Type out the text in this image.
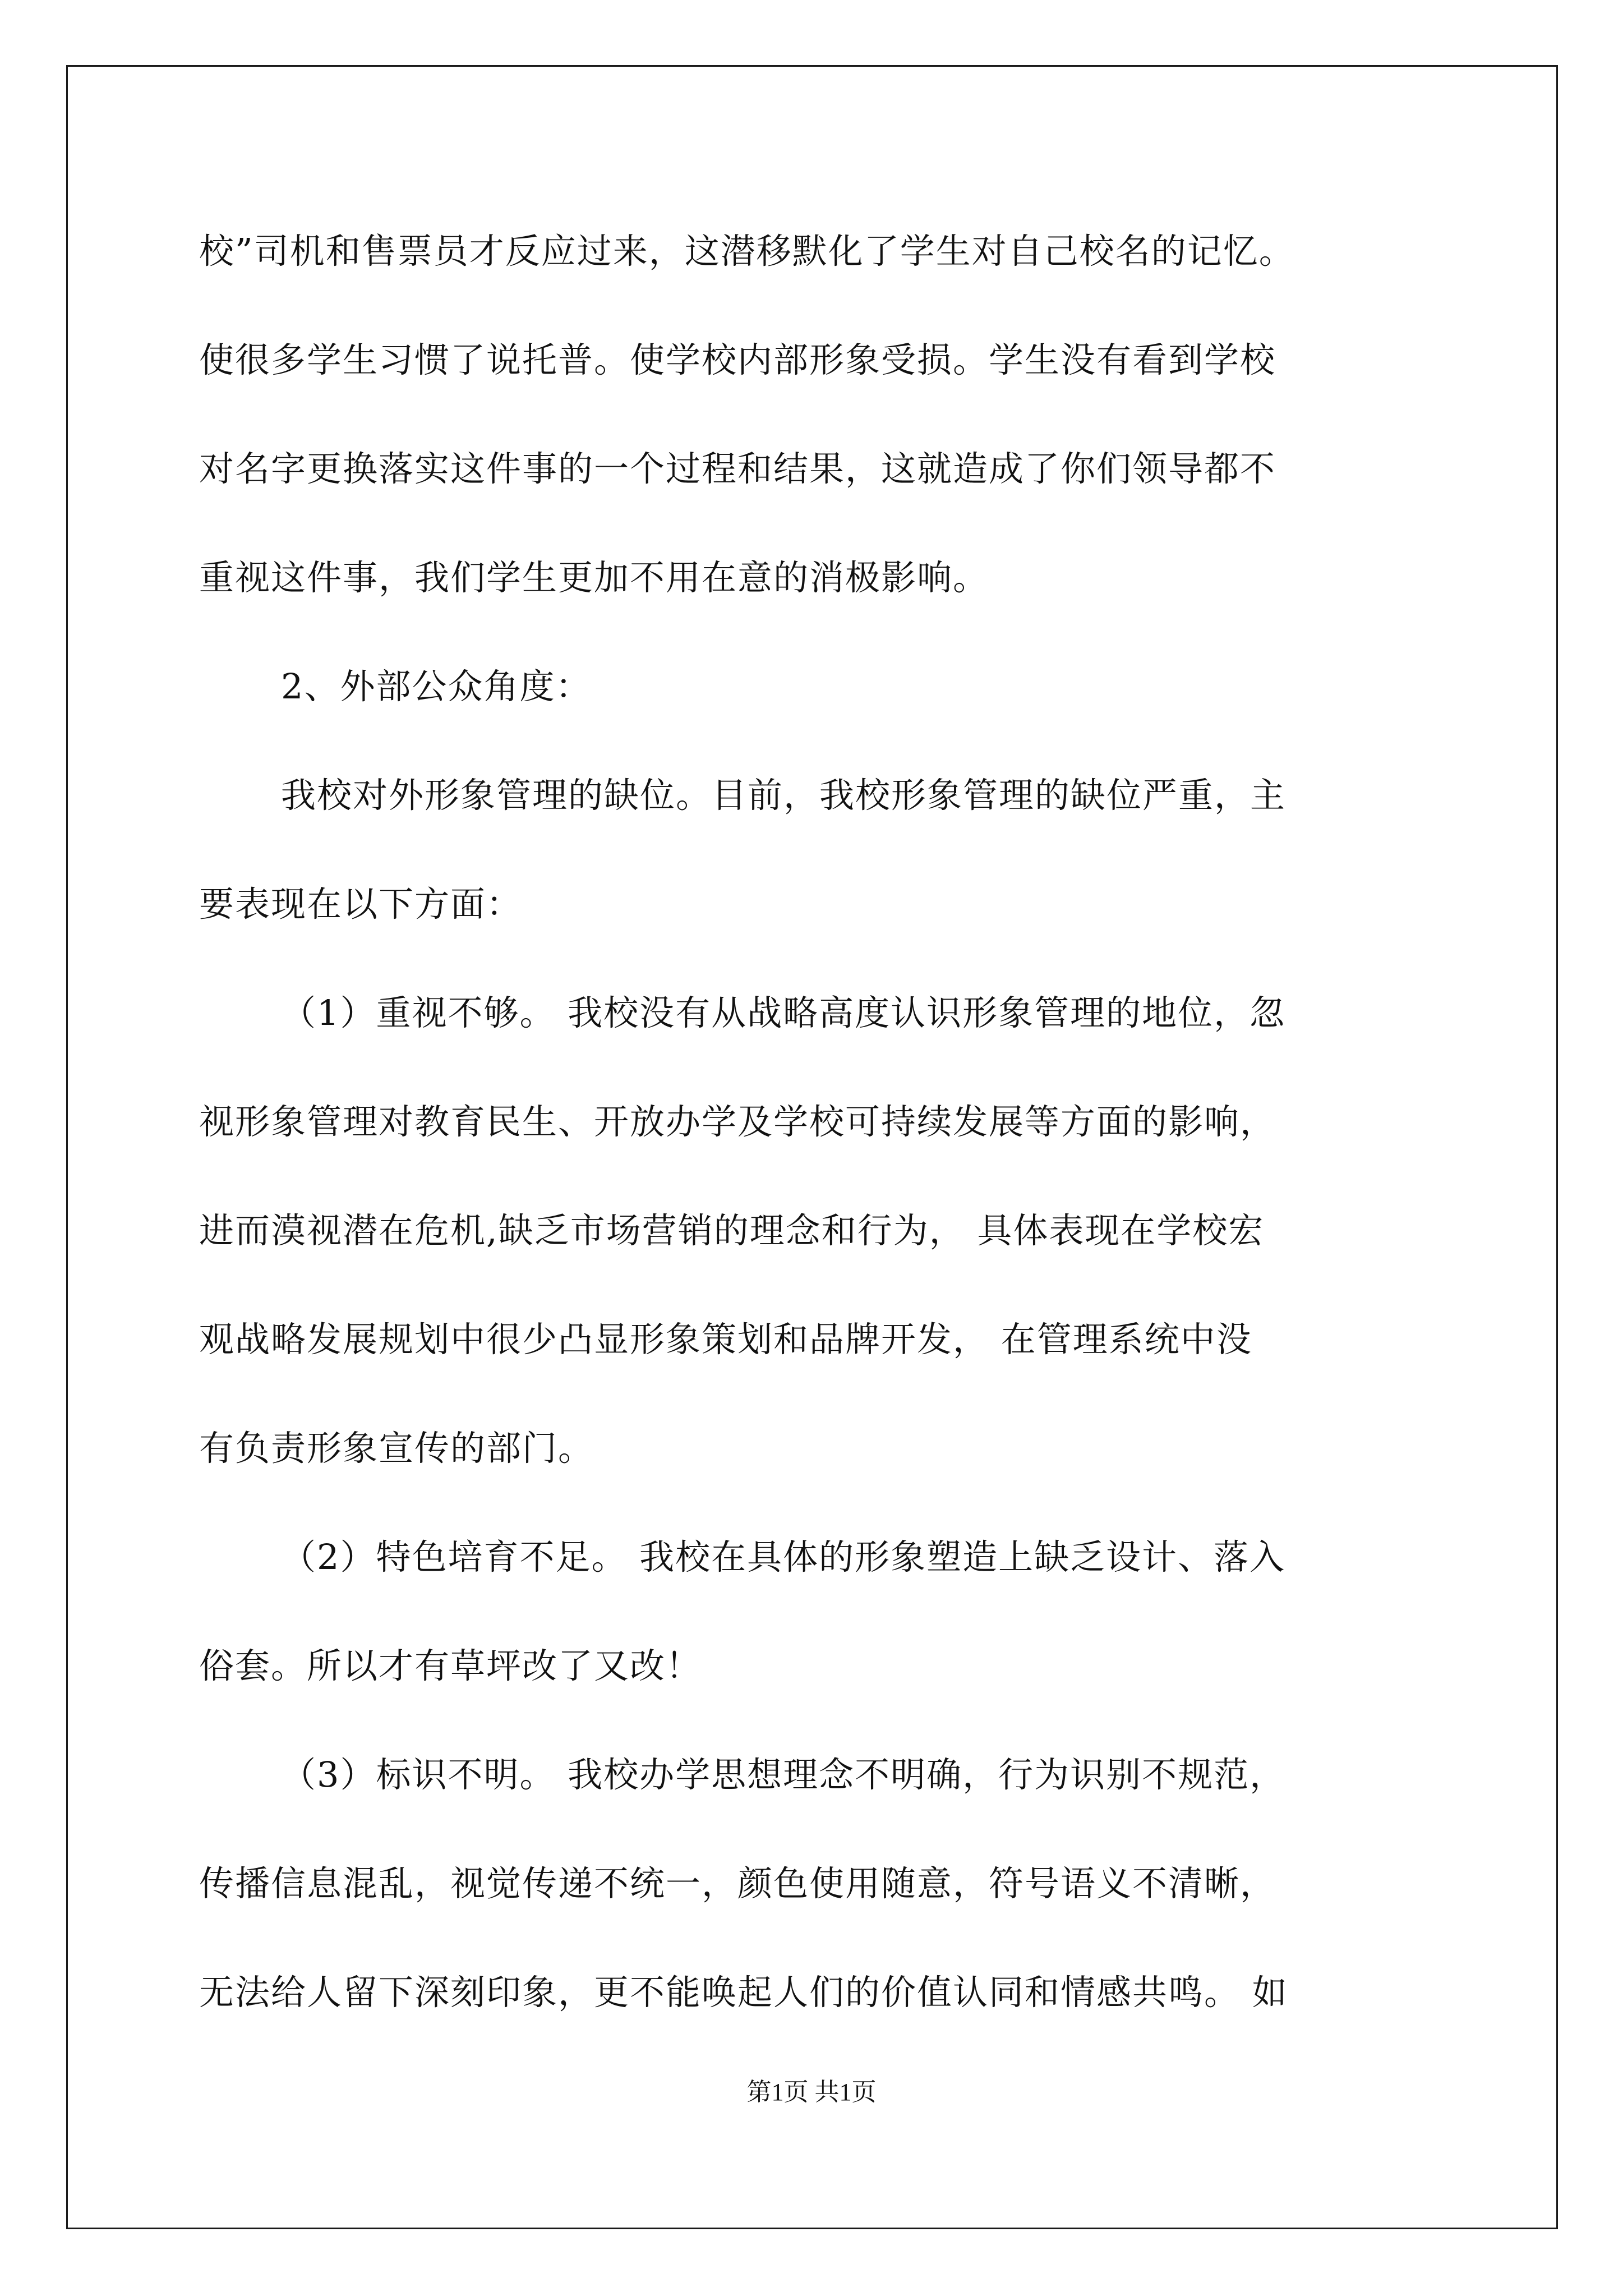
校”司机和售票员才反应过来，这潜移默化了学生对自己校名的记忆。
使很多学生习惯了说托普。使学校内部形象受损。学生没有看到学校
对名字更换落实这件事的一个过程和结果，这就造成了你们领导都不
重视这件事，我们学生更加不用在意的消极影响。
2、外部公众角度：
我校对外形象管理的缺位。目前，我校形象管理的缺位严重，主
要表现在以下方面：
（1）重视不够。 我校没有从战略高度认识形象管理的地位，忽
视形象管理对教育民生、开放办学及学校可持续发展等方面的影响，
进而漠视潜在危机,缺乏市场营销的理念和行为， 具体表现在学校宏
观战略发展规划中很少凸显形象策划和品牌开发， 在管理系统中没
有负责形象宣传的部门。
（2）特色培育不足。 我校在具体的形象塑造上缺乏设计、落入
俗套。所以才有草坪改了又改！
（3）标识不明。 我校办学思想理念不明确，行为识别不规范，
传播信息混乱，视觉传递不统一，颜色使用随意，符号语义不清晰，
无法给人留下深刻印象，更不能唤起人们的价值认同和情感共鸣。 如
第1页 共1页
